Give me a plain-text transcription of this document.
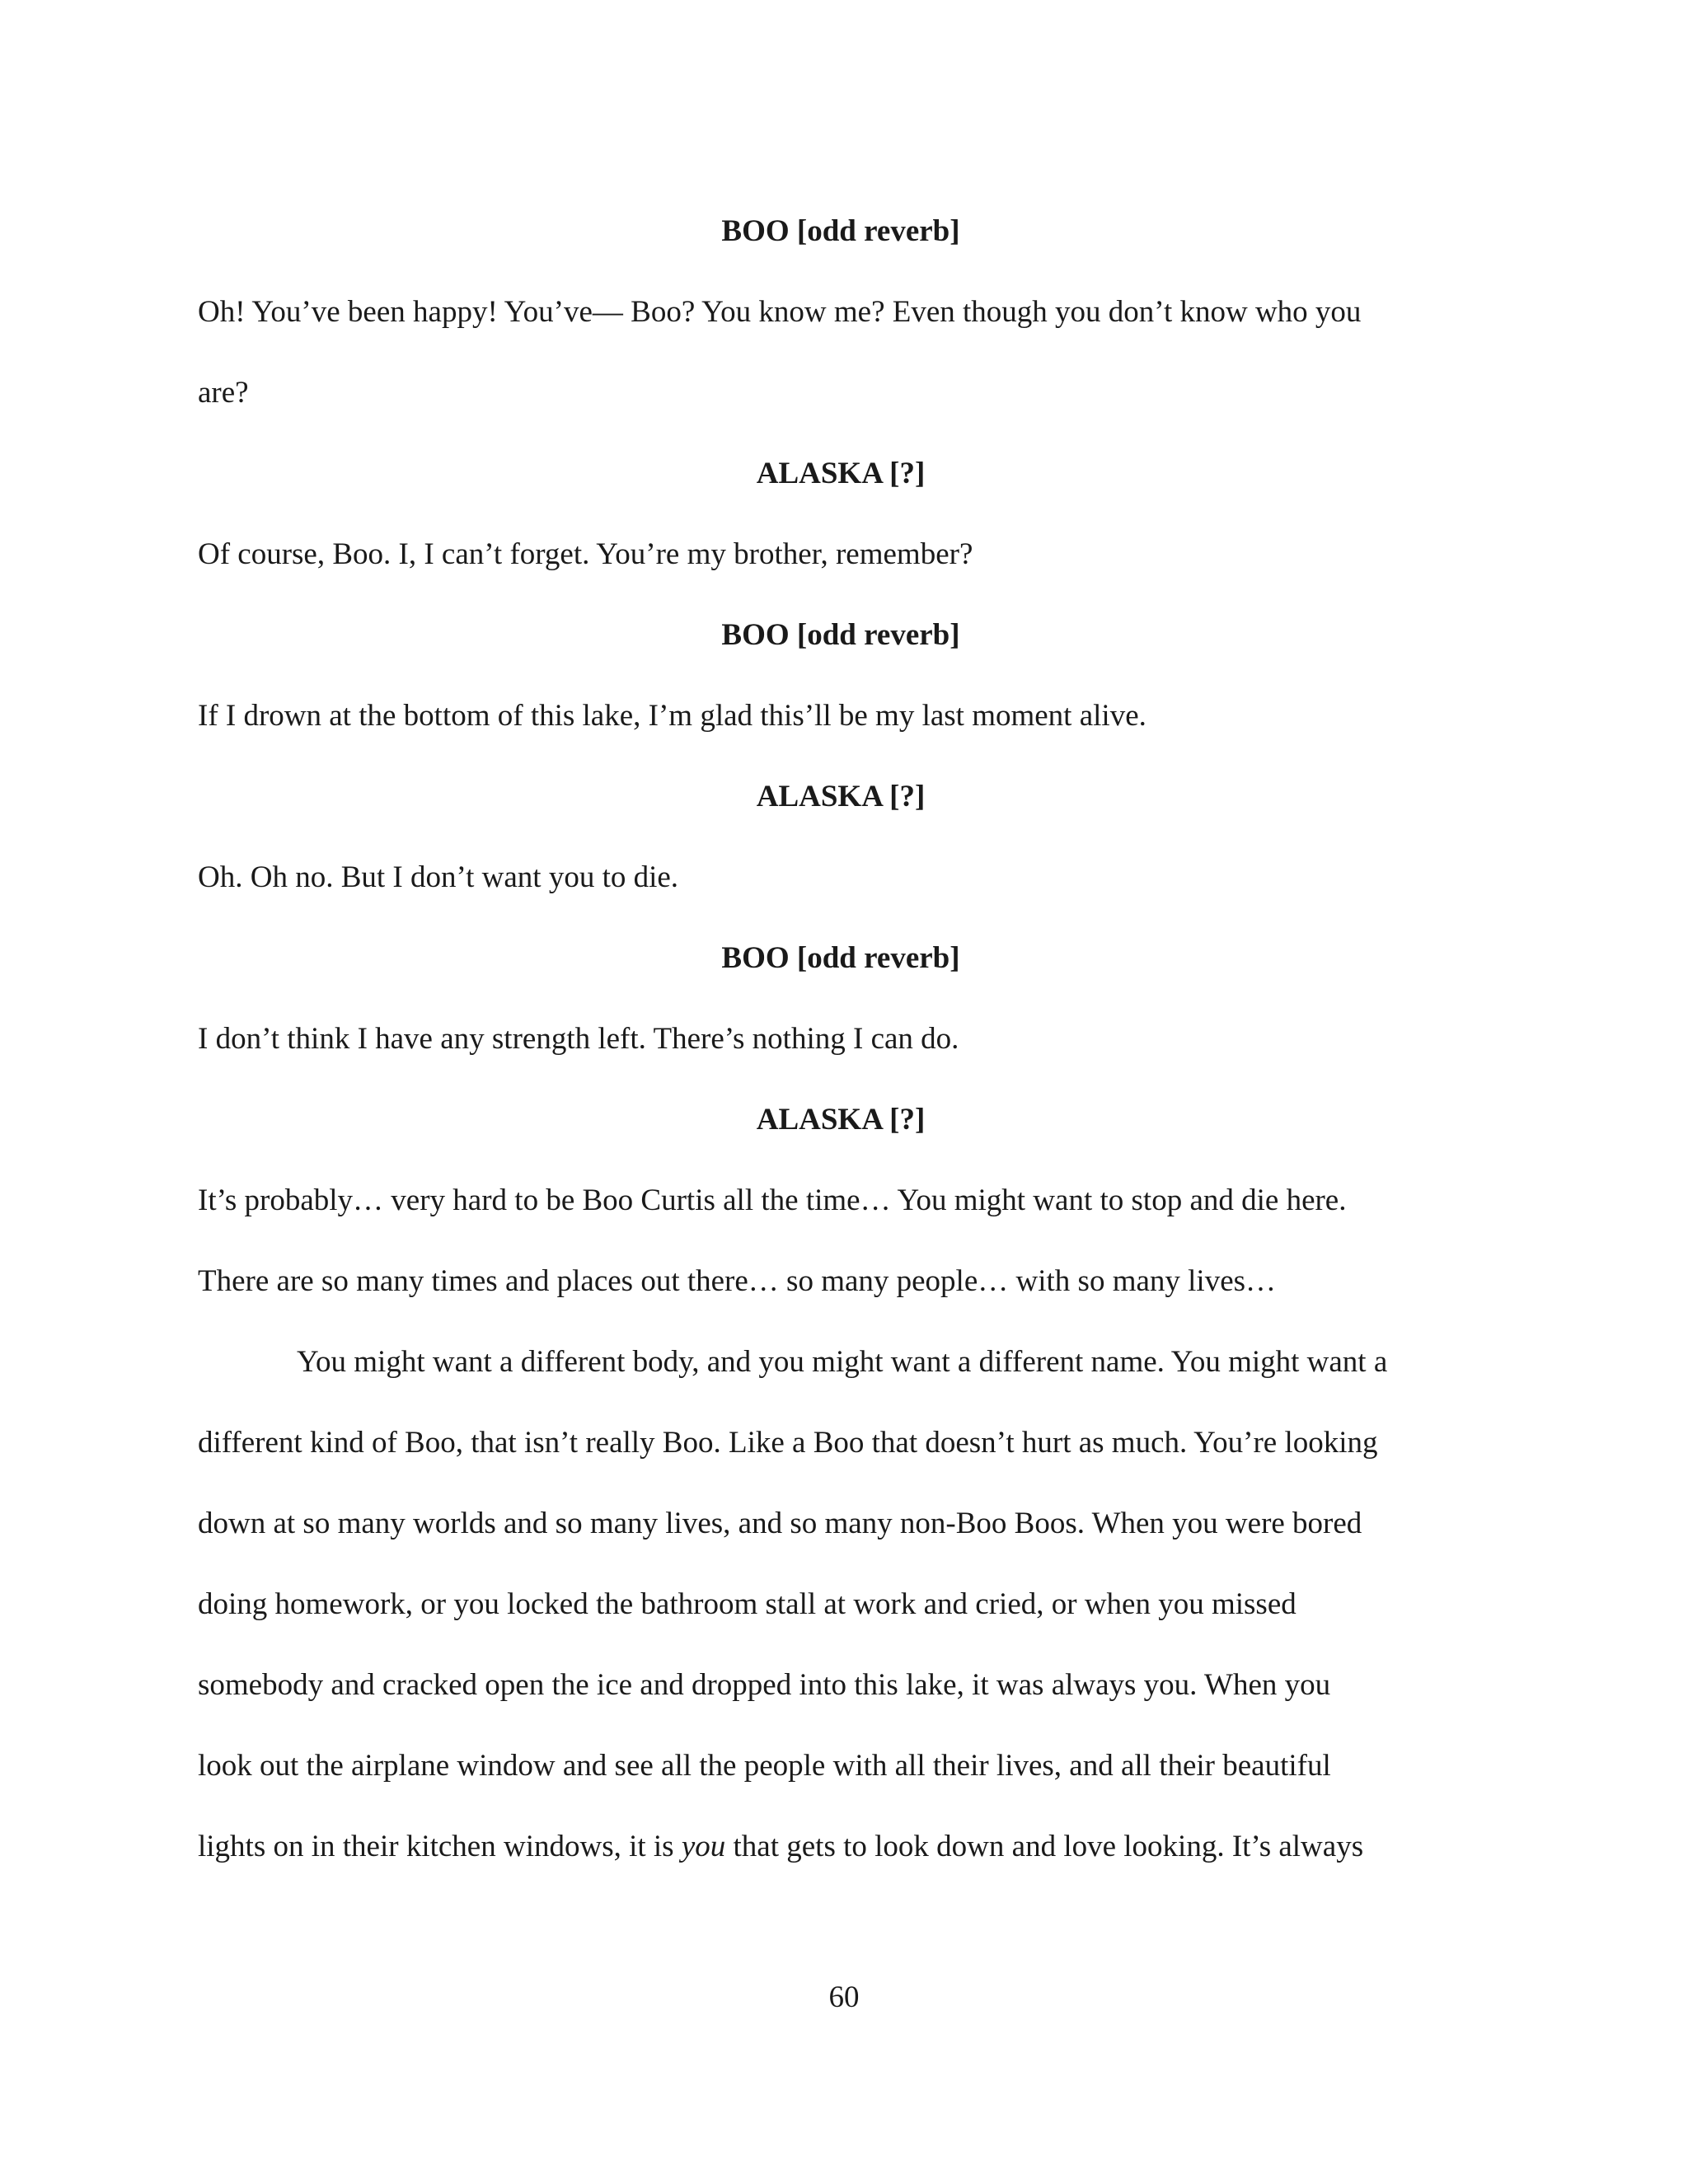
BOO [odd reverb]

Oh! You’ve been happy! You’ve— Boo? You know me? Even though you don’t know who you

are?

ALASKA [?]

Of course, Boo. I, I can’t forget. You’re my brother, remember?

BOO [odd reverb]

If I drown at the bottom of this lake, I’m glad this’ll be my last moment alive.

ALASKA [?]

Oh. Oh no. But I don’t want you to die.

BOO [odd reverb]

I don’t think I have any strength left. There’s nothing I can do.

ALASKA [?]

It’s probably… very hard to be Boo Curtis all the time… You might want to stop and die here.

There are so many times and places out there… so many people… with so many lives…

You might want a different body, and you might want a different name. You might want a

different kind of Boo, that isn’t really Boo. Like a Boo that doesn’t hurt as much. You’re looking

down at so many worlds and so many lives, and so many non-Boo Boos. When you were bored

doing homework, or you locked the bathroom stall at work and cried, or when you missed

somebody and cracked open the ice and dropped into this lake, it was always you. When you

look out the airplane window and see all the people with all their lives, and all their beautiful

lights on in their kitchen windows, it is you that gets to look down and love looking. It’s always

60
